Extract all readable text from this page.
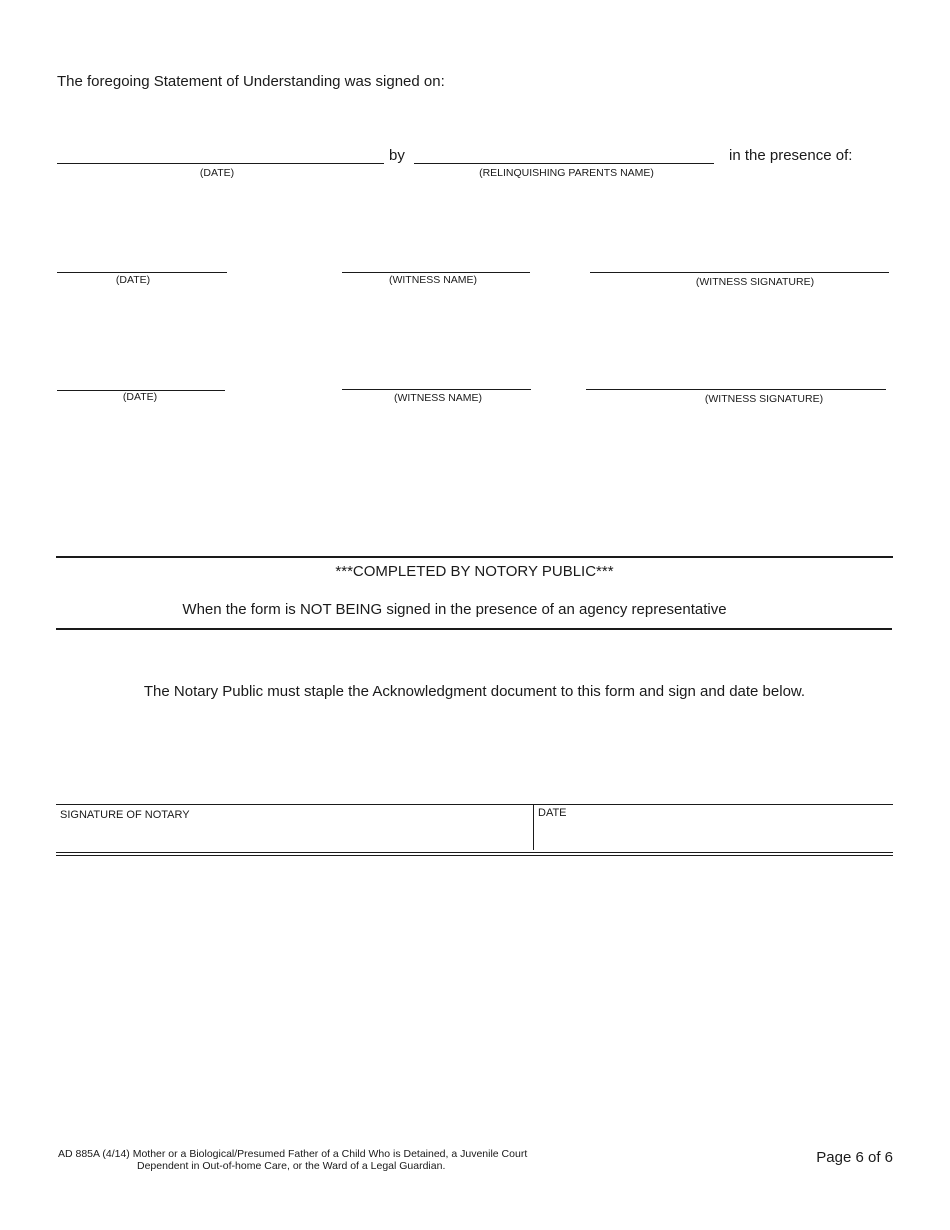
The foregoing Statement of Understanding was signed on:
(DATE)
by
(RELINQUISHING PARENTS NAME)
in the presence of:
(DATE)	(WITNESS NAME)	(WITNESS SIGNATURE)
(DATE)	(WITNESS NAME)	(WITNESS SIGNATURE)
***COMPLETED BY NOTORY PUBLIC***
When the form is NOT BEING signed in the presence of an agency representative
The Notary Public must staple the Acknowledgment document to this form and sign and date below.
SIGNATURE OF NOTARY	DATE
AD 885A (4/14) Mother or a Biological/Presumed Father of a Child Who is Detained, a Juvenile Court
Dependent in Out-of-home Care, or the Ward of a Legal Guardian.	Page 6 of 6
